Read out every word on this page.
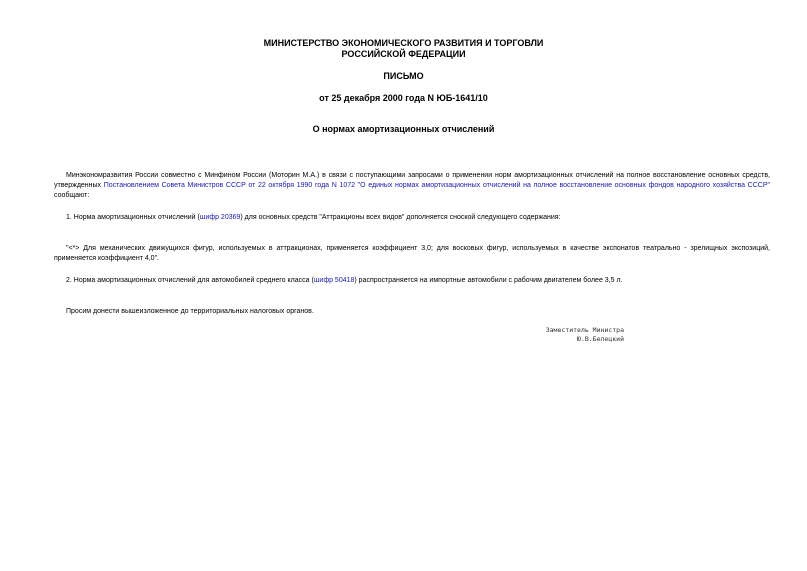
МИНИСТЕРСТВО ЭКОНОМИЧЕСКОГО РАЗВИТИЯ И ТОРГОВЛИ
РОССИЙСКОЙ ФЕДЕРАЦИИ
ПИСЬМО
от 25 декабря 2000 года N ЮБ-1641/10
О нормах амортизационных отчислений
Минэкономразвития России совместно с Минфином России (Моторин М.А.) в связи с поступающими запросами о применении норм амортизационных отчислений на полное восстановление основных средств, утвержденных Постановлением Совета Министров СССР от 22 октября 1990 года N 1072 "О единых нормах амортизационных отчислений на полное восстановление основных фондов народного хозяйства СССР" сообщают:
1. Норма амортизационных отчислений (шифр 20369) для основных средств "Аттракционы всех видов" дополняется сноской следующего содержания:
"<*> Для механических движущихся фигур, используемых в аттракционах, применяется коэффициент 3,0; для восковых фигур, используемых в качестве экспонатов театрально - зрелищных экспозиций, применяется коэффициент 4,0".
2. Норма амортизационных отчислений для автомобилей среднего класса (шифр 50418) распространяется на импортные автомобили с рабочим двигателем более 3,5 л.
Просим донести вышеизложенное до территориальных налоговых органов.
Заместитель Министра
Ю.В.Белецкий
